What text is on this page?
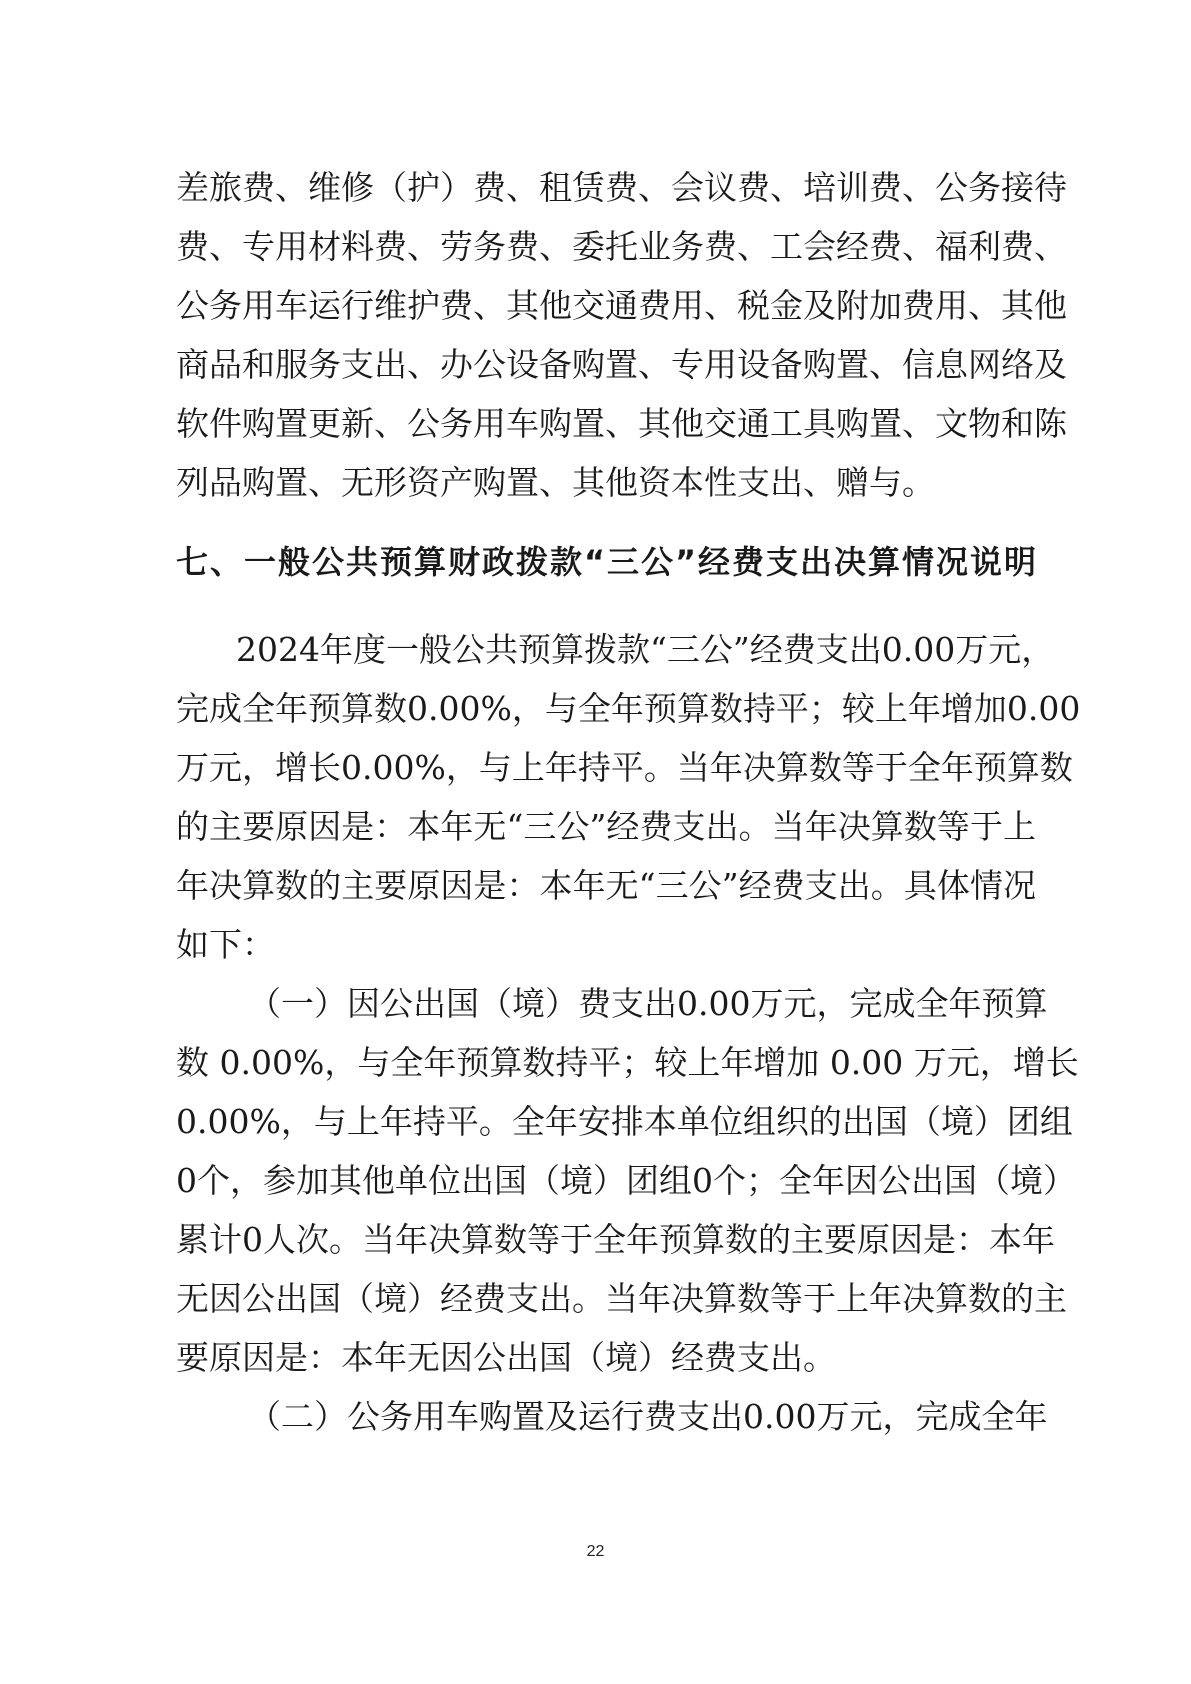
差旅费、维修（护）费、租赁费、会议费、培训费、公务接待
费、专用材料费、劳务费、委托业务费、工会经费、福利费、
公务用车运行维护费、其他交通费用、税金及附加费用、其他
商品和服务支出、办公设备购置、专用设备购置、信息网络及
软件购置更新、公务用车购置、其他交通工具购置、文物和陈
列品购置、无形资产购置、其他资本性支出、赠与。
七、一般公共预算财政拨款“三公”经费支出决算情况说明
2024年度一般公共预算拨款“三公”经费支出0.00万元，
完成全年预算数0.00%，与全年预算数持平；较上年增加0.00
万元，增长0.00%，与上年持平。当年决算数等于全年预算数
的主要原因是：本年无“三公”经费支出。当年决算数等于上
年决算数的主要原因是：本年无“三公”经费支出。具体情况
如下：
（一）因公出国（境）费支出0.00万元，完成全年预算
数 0.00%，与全年预算数持平；较上年增加 0.00 万元，增长
0.00%，与上年持平。全年安排本单位组织的出国（境）团组
0个，参加其他单位出国（境）团组0个；全年因公出国（境）
累计0人次。当年决算数等于全年预算数的主要原因是：本年
无因公出国（境）经费支出。当年决算数等于上年决算数的主
要原因是：本年无因公出国（境）经费支出。
（二）公务用车购置及运行费支出0.00万元，完成全年
22
